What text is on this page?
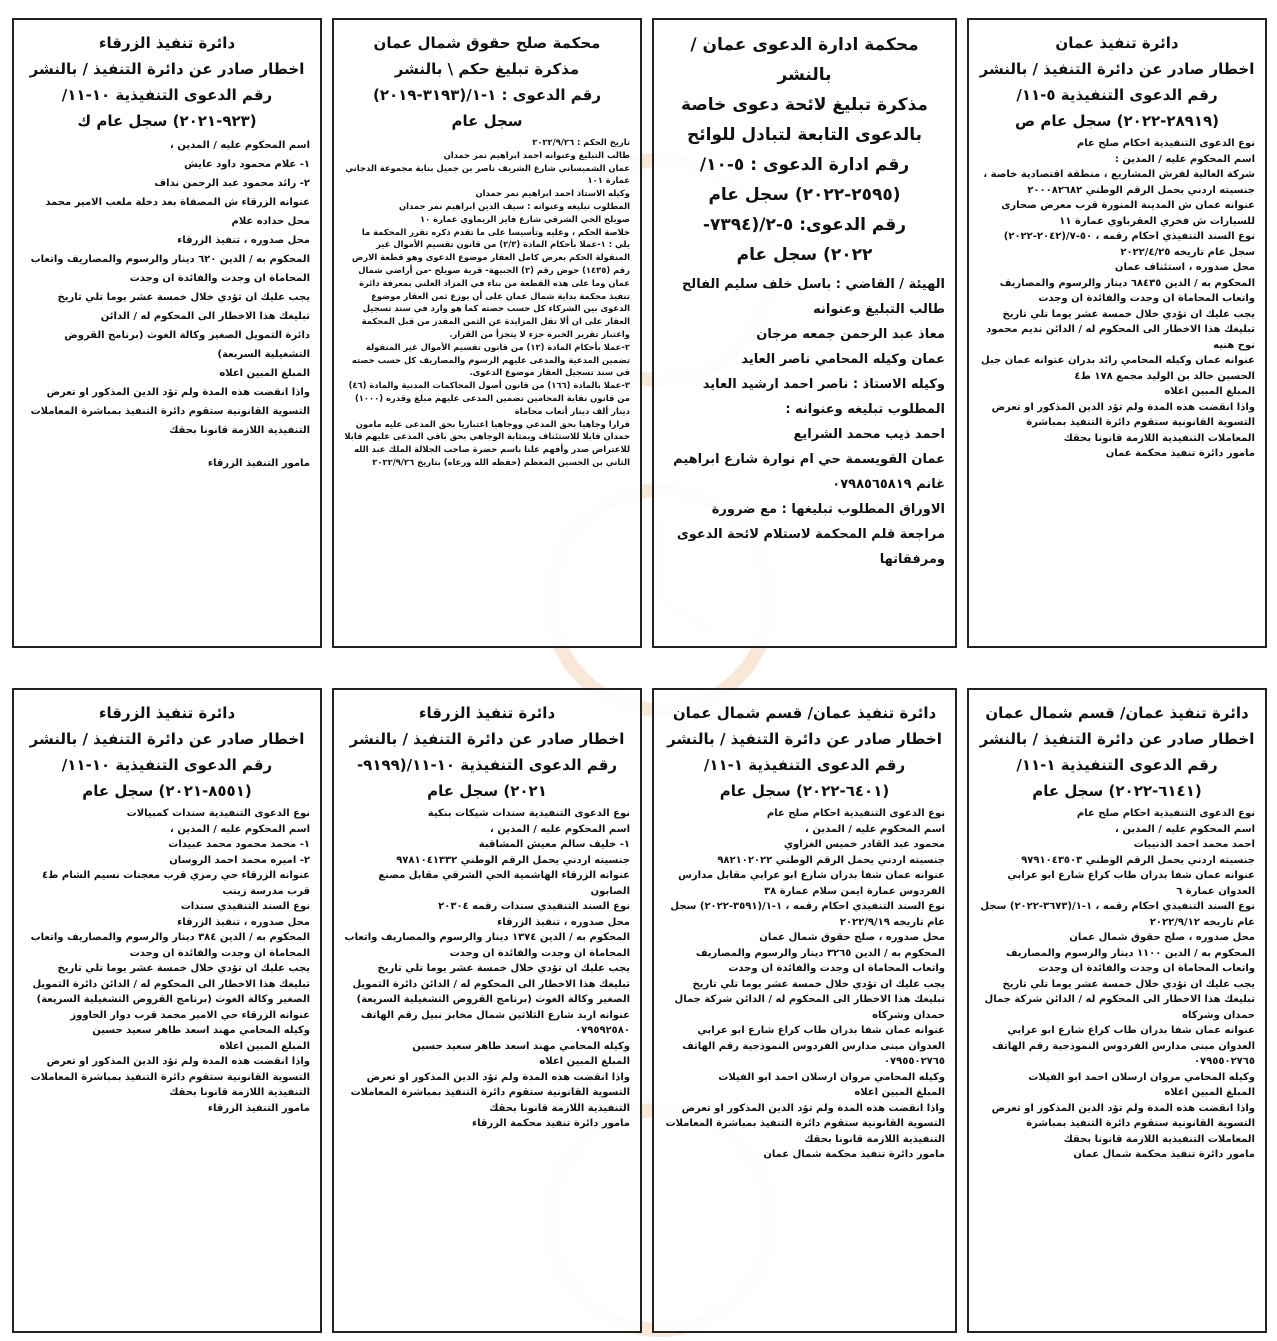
دائرة تنفيذ عمان
اخطار صادر عن دائرة التنفيذ / بالنشر
رقم الدعوى التنفيذية ٥-١١/
(٢٨٩١٩-٢٠٢٢) سجل عام ص

نوع الدعوى التنفيذية احكام صلح عام

اسم المحكوم عليه / المدين :

شركة العالية لفرش المشاريع ، منطقة اقتصادية خاصة ،

جنسيته اردني يحمل الرقم الوطني ٢٠٠٠٨٢٦٨٢

عنوانه عمان ش المدينة المنورة قرب معرض صحارى للسيارات ش فخري العقرباوي عمارة ١١

نوع السند التنفيذي احكام رقمه ، ٥٠-٧/(٢٠٤٢-٢٠٢٢) سجل عام تاريخه ٢٠٢٢/٤/٢٥

محل صدوره ، استئناف عمان

المحكوم به / الدين ٦٨٤٣٥ دينار والرسوم والمصاريف واتعاب المحاماة ان وجدت والفائدة ان وجدت

يجب عليك ان تؤدي خلال خمسة عشر يوما تلي تاريخ تبليغك هذا الاخطار الى المحكوم له / الدائن نديم محمود نوح هنيه

عنوانه عمان وكيله المحامي رائد بدران عنوانه عمان جبل الحسين خالد بن الوليد مجمع ١٧٨ ط٤

المبلغ المبين اعلاه

واذا انقضت هذه المدة ولم تؤد الدين المذكور او تعرض التسوية القانونية ستقوم دائرة التنفيذ بمباشرة المعاملات التنفيذية اللازمة قانونا بحقك

مامور دائرة تنفيذ محكمة عمان

محكمة ادارة الدعوى عمان /بالنشر
مذكرة تبليغ لائحة دعوى خاصة
بالدعوى التابعة لتبادل للوائح
رقم ادارة الدعوى : ٥-١٠/
(٢٥٩٥-٢٠٢٢) سجل عام
رقم الدعوى: ٥-٢/(٧٣٩٤-
٢٠٢٢) سجل عام

الهيئة / القاضي : باسل خلف سليم الفالح

طالب التبليغ وعنوانه

معاذ عبد الرحمن جمعه مرجان

عمان وكيله المحامي ناصر العايد

وكيله الاستاذ : ناصر احمد ارشيد العايد

المطلوب تبليغه وعنوانه :

احمد ذيب محمد الشرايع

عمان القويسمة حي ام نوارة شارع ابراهيم غانم ٠٧٩٨٥٦٥٨١٩

الاوراق المطلوب تبليغها : مع ضرورة مراجعة قلم المحكمة لاستلام لائحة الدعوى ومرفقاتها

محكمة صلح حقوق شمال عمان
مذكرة تبليغ حكم \ بالنشر
رقم الدعوى : ١-١/(٣١٩٣-٢٠١٩)
سجل عام

تاريخ الحكم : ٢٠٢٢/٩/٢٦

طالب التبليغ وعنوانه احمد ابراهيم نمر حمدان

عمان الشميساني شارع الشريف ناصر بن جميل بناية مجموعة الدجاني عمارة ١٠١

وكيله الاستاذ احمد ابراهيم نمر حمدان

المطلوب تبليغه وعنوانه : سيف الدين ابراهيم نمر حمدان

صويلح الحي الشرقي شارع فايز الريماوي عمارة ١٠

خلاصة الحكم ، وعليه وتأسيسا على ما تقدم ذكره تقرر المحكمة ما يلي : ١-عملا بأحكام المادة (٢/٣) من قانون تقسيم الأموال غير المنقولة الحكم بعرض كامل العقار موضوع الدعوى وهو قطعة الارض رقم (١٤٣٥) حوض رقم (٢) الجبيهة- قرية صويلح -من أراضي شمال عمان وما على هذه القطعة من بناء في المزاد العلني بمعرفة دائرة تنفيذ محكمة بداية شمال عمان على أن يوزع ثمن العقار موضوع الدعوى بين الشركاء كل حسب حصته كما هو وارد في سند تسجيل العقار على ان ألا تقل المزايدة عن الثمن المقدر من قبل المحكمة واعتبار تقرير الخبرة جزء لا يتجزأ من القرار.

٢-عملا بأحكام المادة (١٢) من قانون تقسيم الأموال غير المنقولة تضمين المدعية والمدعى عليهم الرسوم والمصاريف كل حسب حصته في سند تسجيل العقار موضوع الدعوى.

٣-عملا بالمادة (١٦٦) من قانون أصول المحاكمات المدنية والمادة (٤٦) من قانون نقابة المحامين تضمين المدعى عليهم مبلغ وقدره (١٠٠٠) دينار ألف دينار أتعاب محاماة

قرارا وجاهيا بحق المدعي ووجاهيا اعتباريا بحق المدعى عليه مامون حمدان قابلا للاستئناف وبمثابة الوجاهي بحق باقي المدعى عليهم قابلا للاعتراض صدر وأفهم علنا باسم حضرة صاحب الجلالة الملك عبد الله الثاني بن الحسين المعظم (حفظه الله ورعاه) بتاريخ ٢٠٢٢/٩/٢٦

دائرة تنفيذ الزرقاء
اخطار صادر عن دائرة التنفيذ / بالنشر
رقم الدعوى التنفيذية ١٠-١١/
(٩٢٣-٢٠٢١) سجل عام ك

اسم المحكوم عليه / المدين ،

١- علام محمود داود عايش

٢- رائد محمود عبد الرحمن نداف

عنوانه الزرقاء ش المصفاة بعد دخلة ملعب الامير محمد محل حداده علام

محل صدوره ، تنفيذ الزرقاء

المحكوم به / الدين ٦٢٠ دينار والرسوم والمصاريف واتعاب المحاماة ان وجدت والفائدة ان وجدت

يجب عليك ان تؤدي خلال خمسة عشر يوما تلي تاريخ تبليغك هذا الاخطار الى المحكوم له / الدائن

دائرة التمويل الصغير وكالة الغوث (برنامج القروض التشغيلية السريعة)

المبلغ المبين اعلاه

واذا انقضت هذه المدة ولم تؤد الدين المذكور او تعرض التسوية القانونية ستقوم دائرة التنفيذ بمباشرة المعاملات التنفيذية اللازمة قانونا بحقك

مامور التنفيذ الزرقاء

دائرة تنفيذ عمان/ قسم شمال عمان
اخطار صادر عن دائرة التنفيذ / بالنشر
رقم الدعوى التنفيذية ١-١١/
(٦١٤١-٢٠٢٢) سجل عام

نوع الدعوى التنفيذية احكام صلح عام

اسم المحكوم عليه / المدين ،

احمد محمد احمد الذنيبات

جنسيته اردني يحمل الرقم الوطني ٩٧٩١٠٤٣٥٠٣

عنوانه عمان شفا بدران طاب كراع شارع ابو عرابي العدوان عمارة ٦

نوع السند التنفيذي احكام رقمه ، ١-١/(٣٦٧٣-٢٠٢٢) سجل عام تاريخه ٢٠٢٢/٩/١٢

محل صدوره ، صلح حقوق شمال عمان

المحكوم به / الدين ١١٠٠ دينار والرسوم والمصاريف واتعاب المحاماة ان وجدت والفائدة ان وجدت

يجب عليك ان تؤدي خلال خمسة عشر يوما تلي تاريخ تبليغك هذا الاخطار الى المحكوم له / الدائن شركة جمال حمدان وشركاه

عنوانه عمان شفا بدران طاب كراع شارع ابو عرابي العدوان مبنى مدارس الفردوس النموذجية رقم الهاتف ٠٧٩٥٥٠٢٧٦٥

وكيله المحامي مروان ارسلان احمد ابو الفيلات

المبلغ المبين اعلاه

واذا انقضت هذه المدة ولم تؤد الدين المذكور او تعرض التسوية القانونية ستقوم دائرة التنفيذ بمباشرة المعاملات التنفيذية اللازمة قانونا بحقك

مامور دائرة تنفيذ محكمة شمال عمان

دائرة تنفيذ عمان/ قسم شمال عمان
اخطار صادر عن دائرة التنفيذ / بالنشر
رقم الدعوى التنفيذية ١-١١/
(٦٤٠١-٢٠٢٢) سجل عام

نوع الدعوى التنفيذية احكام صلح عام

اسم المحكوم عليه / المدين ،

محمود عبد القادر خميس الغزاوي

جنسيته اردني يحمل الرقم الوطني ٩٨٢١٠٢٠٢٢

عنوانه عمان شفا بدران شارع ابو عرابي مقابل مدارس الفردوس عمارة ايمن سلام عمارة ٣٨

نوع السند التنفيذي احكام رقمه ، ١-١/(٣٥٩١-٢٠٢٢) سجل عام تاريخه ٢٠٢٢/٩/١٩

محل صدوره ، صلح حقوق شمال عمان

المحكوم به / الدين ٣٢٦٥ دينار والرسوم والمصاريف واتعاب المحاماة ان وجدت والفائدة ان وجدت

يجب عليك ان تؤدي خلال خمسة عشر يوما تلي تاريخ تبليغك هذا الاخطار الى المحكوم له / الدائن شركة جمال حمدان وشركاه

عنوانه عمان شفا بدران طاب كراع شارع ابو عرابي العدوان مبنى مدارس الفردوس النموذجية رقم الهاتف ٠٧٩٥٥٠٢٧٦٥

وكيله المحامي مروان ارسلان احمد ابو الفيلات

المبلغ المبين اعلاه

واذا انقضت هذه المدة ولم تؤد الدين المذكور او تعرض التسوية القانونية ستقوم دائرة التنفيذ بمباشرة المعاملات التنفيذية اللازمة قانونا بحقك

مامور دائرة تنفيذ محكمة شمال عمان

دائرة تنفيذ الزرقاء
اخطار صادر عن دائرة التنفيذ / بالنشر
رقم الدعوى التنفيذية ١٠-١١/(٩١٩٩-
٢٠٢١) سجل عام

نوع الدعوى التنفيذية سندات شيكات بنكية

اسم المحكوم عليه / المدين ،

١- خليف سالم معيش المشاقبة

جنسيته اردني يحمل الرقم الوطني ٩٧٨١٠٤١٣٣٢

عنوانه الزرقاء الهاشمية الحي الشرقي مقابل مصنع الصابون

نوع السند التنفيذي سندات رقمه ٢٠٣٠٤

محل صدوره ، تنفيذ الزرقاء

المحكوم به / الدين ١٣٧٤ دينار والرسوم والمصاريف واتعاب المحاماة ان وجدت والفائدة ان وجدت

يجب عليك ان تؤدي خلال خمسة عشر يوما تلي تاريخ تبليغك هذا الاخطار الى المحكوم له / الدائن دائرة التمويل الصغير وكالة الغوث (برنامج القروض التشغيلية السريعة)

عنوانه اربد شارع الثلاثين شمال مخابز نبيل رقم الهاتف ٠٧٩٥٩٢٥٨٠

وكيله المحامي مهند اسعد طاهر سعيد حسين

المبلغ المبين اعلاه

واذا انقضت هذه المدة ولم تؤد الدين المذكور او تعرض التسوية القانونية ستقوم دائرة التنفيذ بمباشرة المعاملات التنفيذية اللازمة قانونا بحقك

مامور دائرة تنفيذ محكمة الزرقاء

دائرة تنفيذ الزرقاء
اخطار صادر عن دائرة التنفيذ / بالنشر
رقم الدعوى التنفيذية ١٠-١١/
(٨٥٥١-٢٠٢١) سجل عام

نوع الدعوى التنفيذية سندات كمبيالات

اسم المحكوم عليه / المدين ،

١- محمد محمود محمد عبيدات

٢- اميره محمد احمد الروسان

عنوانه الزرقاء حي رمزي قرب معجنات نسيم الشام ط٤ قرب مدرسة زينب

نوع السند التنفيذي سندات

محل صدوره ، تنفيذ الزرقاء

المحكوم به / الدين ٣٨٤ دينار والرسوم والمصاريف واتعاب المحاماة ان وجدت والفائدة ان وجدت

يجب عليك ان تؤدي خلال خمسة عشر يوما تلي تاريخ تبليغك هذا الاخطار الى المحكوم له / الدائن دائرة التمويل الصغير وكالة الغوث (برنامج القروض التشغيلية السريعة)

عنوانه الزرقاء حي الامير محمد قرب دوار الحاووز

وكيله المحامي مهند اسعد طاهر سعيد حسين

المبلغ المبين اعلاه

واذا انقضت هذه المدة ولم تؤد الدين المذكور او تعرض التسوية القانونية ستقوم دائرة التنفيذ بمباشرة المعاملات التنفيذية اللازمة قانونا بحقك

مامور التنفيذ الزرقاء
